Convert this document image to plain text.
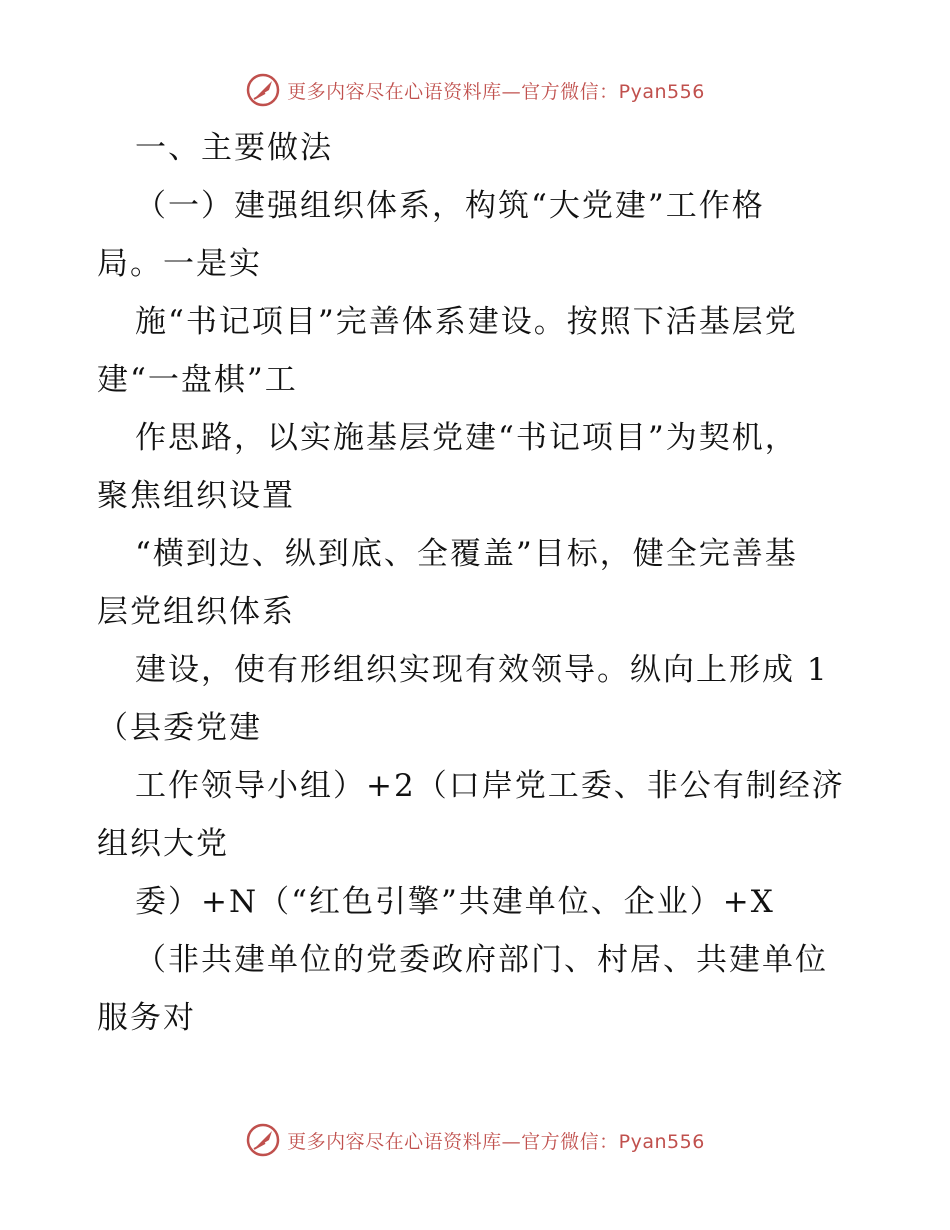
更多内容尽在心语资料库—官方微信：Pyan556
一、主要做法
（一）建强组织体系，构筑“大党建”工作格
局。一是实
施“书记项目”完善体系建设。按照下活基层党
建“一盘棋”工
作思路，以实施基层党建“书记项目”为契机，
聚焦组织设置
“横到边、纵到底、全覆盖”目标，健全完善基
层党组织体系
建设，使有形组织实现有效领导。纵向上形成 1
（县委党建
工作领导小组）+2（口岸党工委、非公有制经济
组织大党
委）+N（“红色引擎”共建单位、企业）+X
（非共建单位的党委政府部门、村居、共建单位
服务对
更多内容尽在心语资料库—官方微信：Pyan556
